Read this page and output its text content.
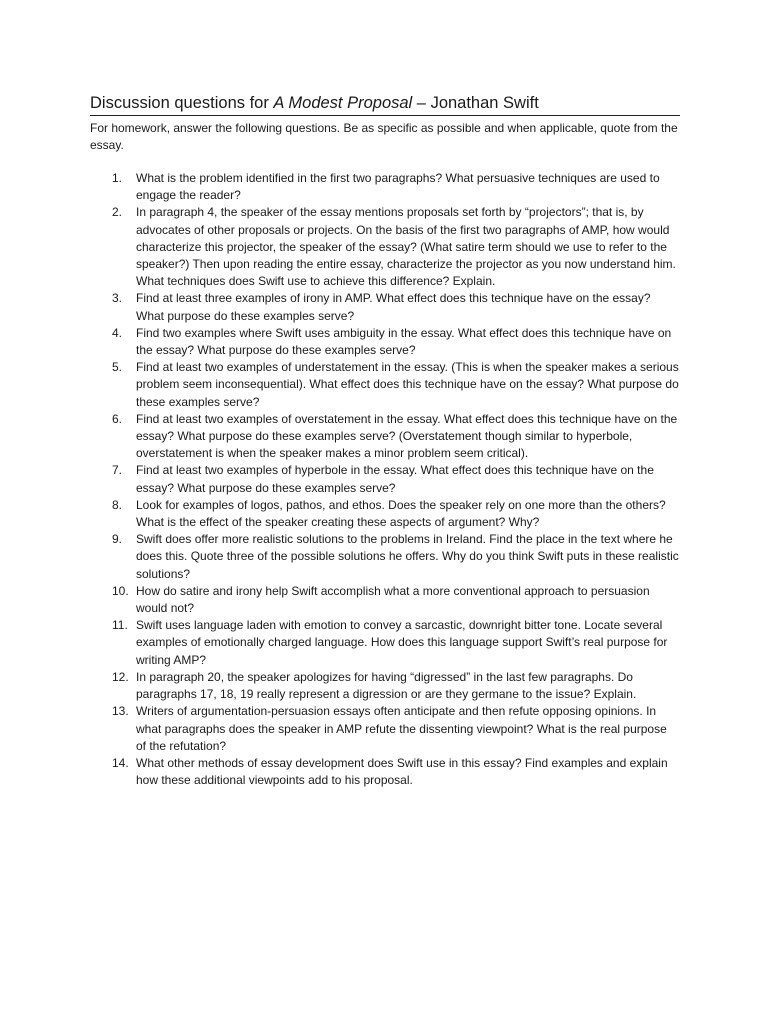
Discussion questions for A Modest Proposal – Jonathan Swift

For homework, answer the following questions. Be as specific as possible and when applicable, quote from the essay.

1.	What is the problem identified in the first two paragraphs? What persuasive techniques are used to engage the reader?
2.	In paragraph 4, the speaker of the essay mentions proposals set forth by “projectors”; that is, by advocates of other proposals or projects. On the basis of the first two paragraphs of AMP, how would characterize this projector, the speaker of the essay? (What satire term should we use to refer to the speaker?) Then upon reading the entire essay, characterize the projector as you now understand him. What techniques does Swift use to achieve this difference? Explain.
3.	Find at least three examples of irony in AMP. What effect does this technique have on the essay? What purpose do these examples serve?
4.	Find two examples where Swift uses ambiguity in the essay. What effect does this technique have on the essay? What purpose do these examples serve?
5.	Find at least two examples of understatement in the essay. (This is when the speaker makes a serious problem seem inconsequential). What effect does this technique have on the essay? What purpose do these examples serve?
6.	Find at least two examples of overstatement in the essay. What effect does this technique have on the essay? What purpose do these examples serve? (Overstatement though similar to hyperbole, overstatement is when the speaker makes a minor problem seem critical).
7.	Find at least two examples of hyperbole in the essay. What effect does this technique have on the essay? What purpose do these examples serve?
8.	Look for examples of logos, pathos, and ethos. Does the speaker rely on one more than the others? What is the effect of the speaker creating these aspects of argument? Why?
9.	Swift does offer more realistic solutions to the problems in Ireland. Find the place in the text where he does this. Quote three of the possible solutions he offers. Why do you think Swift puts in these realistic solutions?
10. How do satire and irony help Swift accomplish what a more conventional approach to persuasion would not?
11. Swift uses language laden with emotion to convey a sarcastic, downright bitter tone. Locate several examples of emotionally charged language. How does this language support Swift’s real purpose for writing AMP?
12. In paragraph 20, the speaker apologizes for having “digressed” in the last few paragraphs. Do paragraphs 17, 18, 19 really represent a digression or are they germane to the issue? Explain.
13. Writers of argumentation-persuasion essays often anticipate and then refute opposing opinions. In what paragraphs does the speaker in AMP refute the dissenting viewpoint? What is the real purpose of the refutation?
14. What other methods of essay development does Swift use in this essay? Find examples and explain how these additional viewpoints add to his proposal.
